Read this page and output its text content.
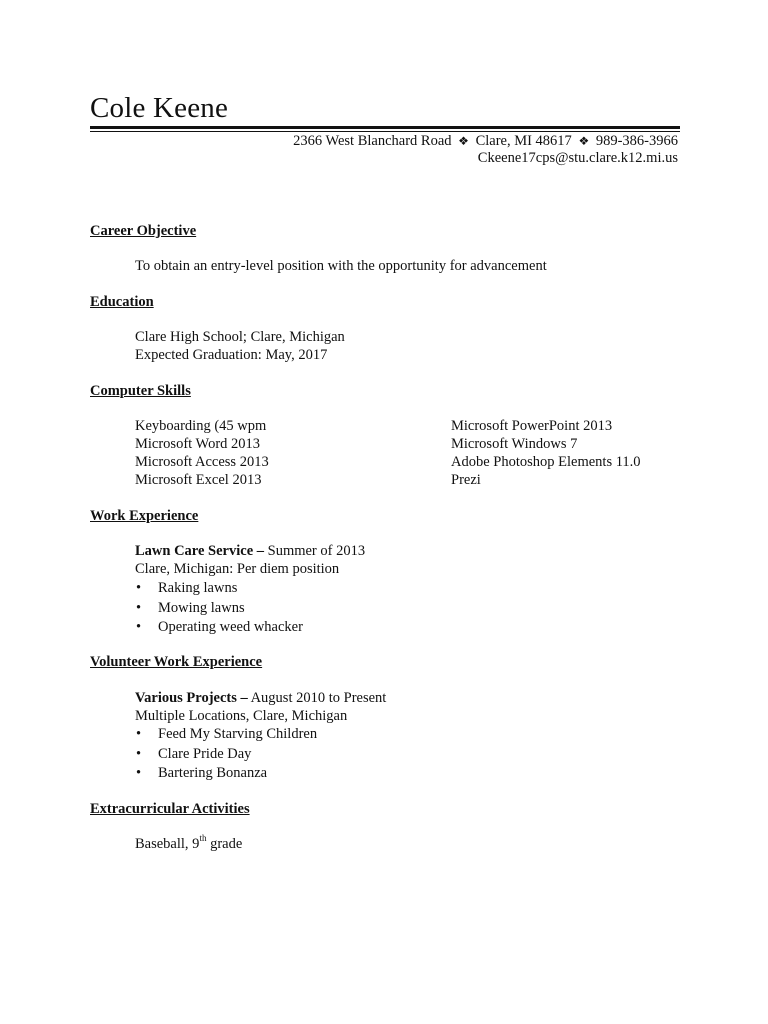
Cole Keene
2366 West Blanchard Road ❖ Clare, MI 48617 ❖ 989-386-3966
Ckeene17cps@stu.clare.k12.mi.us
Career Objective
To obtain an entry-level position with the opportunity for advancement
Education
Clare High School; Clare, Michigan
Expected Graduation: May, 2017
Computer Skills
Keyboarding (45 wpm
Microsoft Word 2013
Microsoft Access 2013
Microsoft Excel 2013
Microsoft PowerPoint 2013
Microsoft Windows 7
Adobe Photoshop Elements 11.0
Prezi
Work Experience
Lawn Care Service – Summer of 2013
Clare, Michigan: Per diem position
• Raking lawns
• Mowing lawns
• Operating weed whacker
Volunteer Work Experience
Various Projects – August 2010 to Present
Multiple Locations, Clare, Michigan
• Feed My Starving Children
• Clare Pride Day
• Bartering Bonanza
Extracurricular Activities
Baseball, 9th grade
